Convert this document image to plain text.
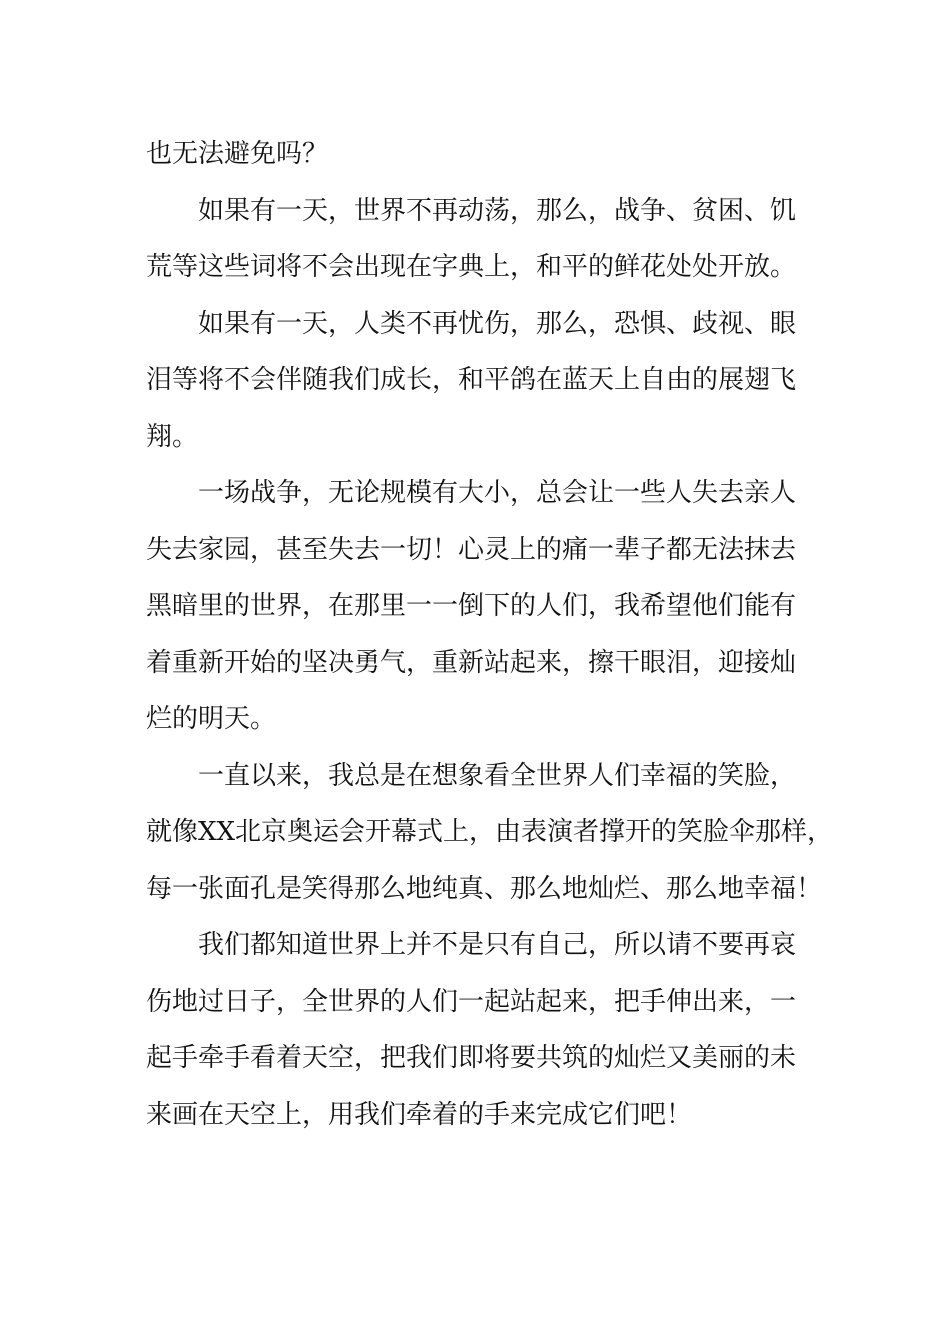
也无法避免吗？
如果有一天，世界不再动荡，那么，战争、贫困、饥
荒等这些词将不会出现在字典上，和平的鲜花处处开放。
如果有一天，人类不再忧伤，那么，恐惧、歧视、眼
泪等将不会伴随我们成长，和平鸽在蓝天上自由的展翅飞
翔。
一场战争，无论规模有大小，总会让一些人失去亲人
失去家园，甚至失去一切！心灵上的痛一辈子都无法抹去
黑暗里的世界，在那里一一倒下的人们，我希望他们能有
着重新开始的坚决勇气，重新站起来，擦干眼泪，迎接灿
烂的明天。
一直以来，我总是在想象看全世界人们幸福的笑脸，
就像XX北京奥运会开幕式上，由表演者撑开的笑脸伞那样，
每一张面孔是笑得那么地纯真、那么地灿烂、那么地幸福！
我们都知道世界上并不是只有自己，所以请不要再哀
伤地过日子，全世界的人们一起站起来，把手伸出来，一
起手牵手看着天空，把我们即将要共筑的灿烂又美丽的未
来画在天空上，用我们牵着的手来完成它们吧！
